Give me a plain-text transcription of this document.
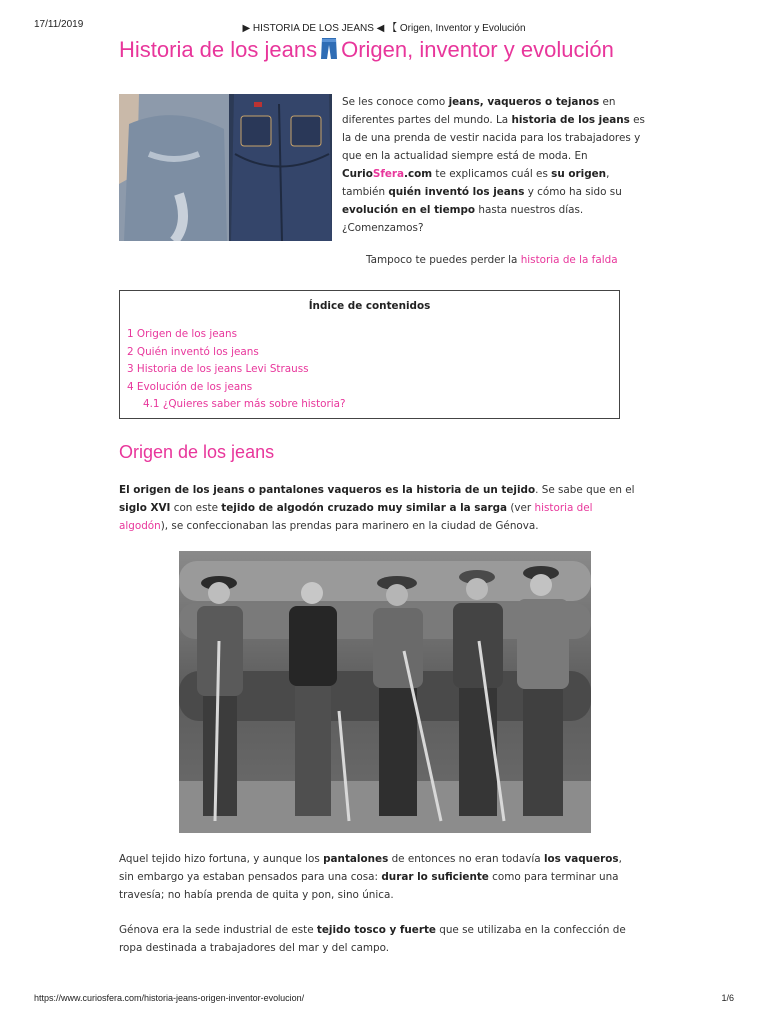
17/11/2019	▶ HISTORIA DE LOS JEANS ◀ 【 Origen, Inventor y Evolución
Historia de los jeans Origen, inventor y evolución
Se les conoce como jeans, vaqueros o tejanos en diferentes partes del mundo. La historia de los jeans es la de una prenda de vestir nacida para los trabajadores y que en la actualidad siempre está de moda. En CurioSfera.com te explicamos cuál es su origen, también quién inventó los jeans y cómo ha sido su evolución en el tiempo hasta nuestros días. ¿Comenzamos?
Tampoco te puedes perder la historia de la falda
Índice de contenidos
1 Origen de los jeans
2 Quién inventó los jeans
3 Historia de los jeans Levi Strauss
4 Evolución de los jeans
4.1 ¿Quieres saber más sobre historia?
Origen de los jeans
El origen de los jeans o pantalones vaqueros es la historia de un tejido. Se sabe que en el siglo XVI con este tejido de algodón cruzado muy similar a la sarga (ver historia del algodón), se confeccionaban las prendas para marinero en la ciudad de Génova.
Aquel tejido hizo fortuna, y aunque los pantalones de entonces no eran todavía los vaqueros, sin embargo ya estaban pensados para una cosa: durar lo suficiente como para terminar una travesía; no había prenda de quita y pon, sino única.
Génova era la sede industrial de este tejido tosco y fuerte que se utilizaba en la confección de ropa destinada a trabajadores del mar y del campo.
https://www.curiosfera.com/historia-jeans-origen-inventor-evolucion/	1/6
